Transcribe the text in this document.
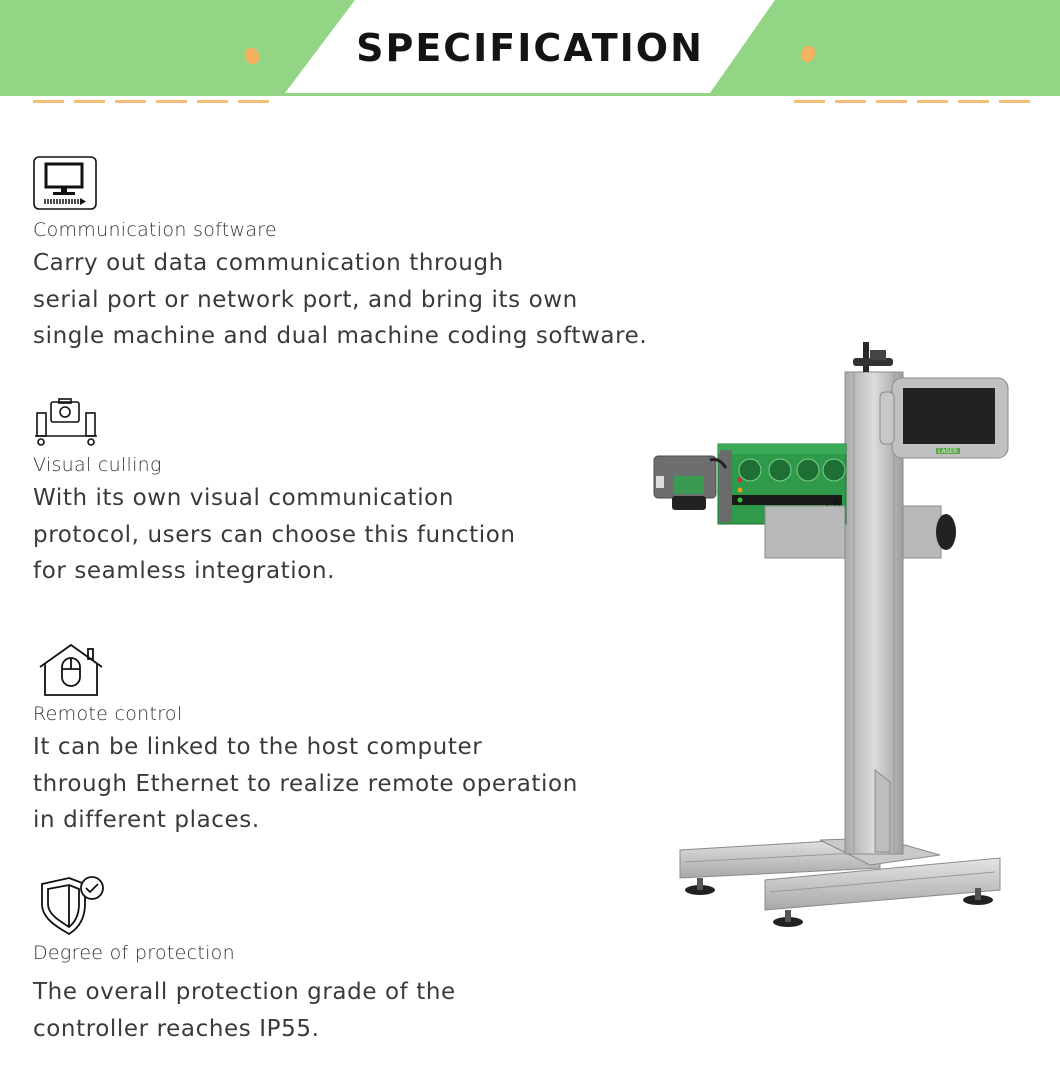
SPECIFICATION

Communication software

Carry out data communication through
serial port or network port, and bring its own
single machine and dual machine coding software.

Visual culling

With its own visual communication
protocol, users can choose this function
for seamless integration.

Remote control

It can be linked to the host computer
through Ethernet to realize remote operation
in different places.

Degree of protection

The overall protection grade of the
controller reaches IP55.

LASER
